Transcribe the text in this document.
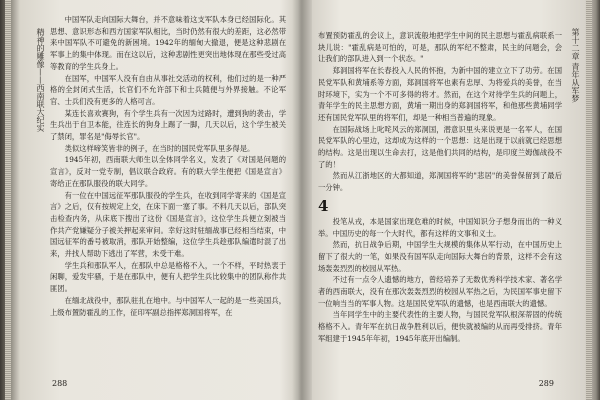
精神的雕像——西南联大纪实

中国军队走向国际大舞台，并不意味着这支军队本身已经国际化。其思想、意识形态和西方国家军队相比，当时仍然有很大的差距，这必然带来中国军队不可避免的新困境。1942年的缅甸大撤退，便是这种悲剧在军事上的集中体现。而在这以后，这种悲剧性更突出地体现在那些受过高等教育的学生兵身上。

在国军，中国军人没有自由从事社交活动的权利，他们过的是一种严格的全封闭式生活，长官们不允许部下和士兵随便与外界接触。不论军官、士兵们没有更多的人格可言。

某连长喜欢赛狗，有个学生兵有一次因为过路时，遭到狗的袭击，学生兵出于自卫本能，往连长的狗身上踢了一脚，几天以后，这个学生被关了禁闭，罪名是"侮辱长官"。

类似这样啼笑皆非的例子，在当时的国民党军队里多得是。

1945年初，西南联大师生以全体同学名义，发表了《对国是问题的宣言》，反对一党专制，倡议联合政府。有的联大学生便把《国是宣言》寄给正在那队服役的联大同学。

有一位在中国远征军那队服役的学生兵，在收到同学寄来的《国是宣言》之后，仅有按规定上交，在床下面一塞了事。不料几天以后，部队突击检查内务，从床底下搜出了这份《国是宣言》，这位学生兵便立刻被当作共产党嫌疑分子被关押起来审问。幸好这时驻缅战事已经相当结束，中国远征军的番号被取消，那队开始整编，这位学生兵趁那队编遣时混了出来，并找人帮助下逃出了军营，未受干难。

学生兵和那队军人，在那队中总是格格不入，一个不样，平时热衷于闲聊，爱发牢骚，于是在那队中，便有人把学生兵比较集中的团队称作共匪团。

在缅北战役中，那队驻扎在地中。与中国军人一起的是一些美国兵，上级布置防霍乱的工作，征印军副总指挥郑洞国将军，在

288
第十二章 青年从军梦

布置预防霍乱的会议上，意识流般地把学生中间的民主思想与霍乱病联系一块儿说："霍乱病是可怕的，可是，那队的军纪不整肃，民主的问题会，会让我们的部队进入到一个状态。"

郑洞国将军在长春投入人民的怀抱，为新中国的建立立下了功劳。在国民党军队和黄埔系等方面，郑洞国将军也素有忠厚、为将爱兵的美誉，在当时环境下，实为一个不可多得的将才。然而，在这个对待学生兵的问题上，青年学生的民主思想方面，黄埔一期出身的郑洞国将军，和他那些黄埔同学还有国民党军队里的将军们，却是一种相当普遍的现象。

在国际战场上叱咤风云的郑洞国，潜意识里头来说更是一名军人，在国民党军队的心里边，这却成为这样的一个思想：这是出现于以前就已经思想的结构。这是出现以生命去打，这是他们共同的结构，是印度兰姆伽战役不了的！

然而从江浙地区的大都知道，郑洞国将军的"悲居"的美誉保留到了最后一分钟。

4

投笔从戎，本是国家出现危难的时候，中国知识分子想身而出的一种义举。中国历史的每一个大时代，都有这样的文事和义士。

然而，抗日战争后期，中国学生大规模的集体从军行动，在中国历史上留下了很大的一笔，如果没有国军队走向国际大舞台的背景，这样不会有这场轰轰烈烈的校园从军热。

不过有一点令人遗憾的地方，曾经培养了无数优秀科学技术家、著名学者的西南联大，没有在那次轰轰烈烈的校园从军热之后，为民国军事史留下一位响当当的军事人物。这是国民党军队的遗憾，也是西南联大的遗憾。

当年同学生中的主要代表性的主要人物，与国民党军队根深蒂固的传统格格不入。青年军在抗日战争胜利以后，便快就被编的从而再受排挤。青年军组建于1945年年初，1945年底开出编制。

289
